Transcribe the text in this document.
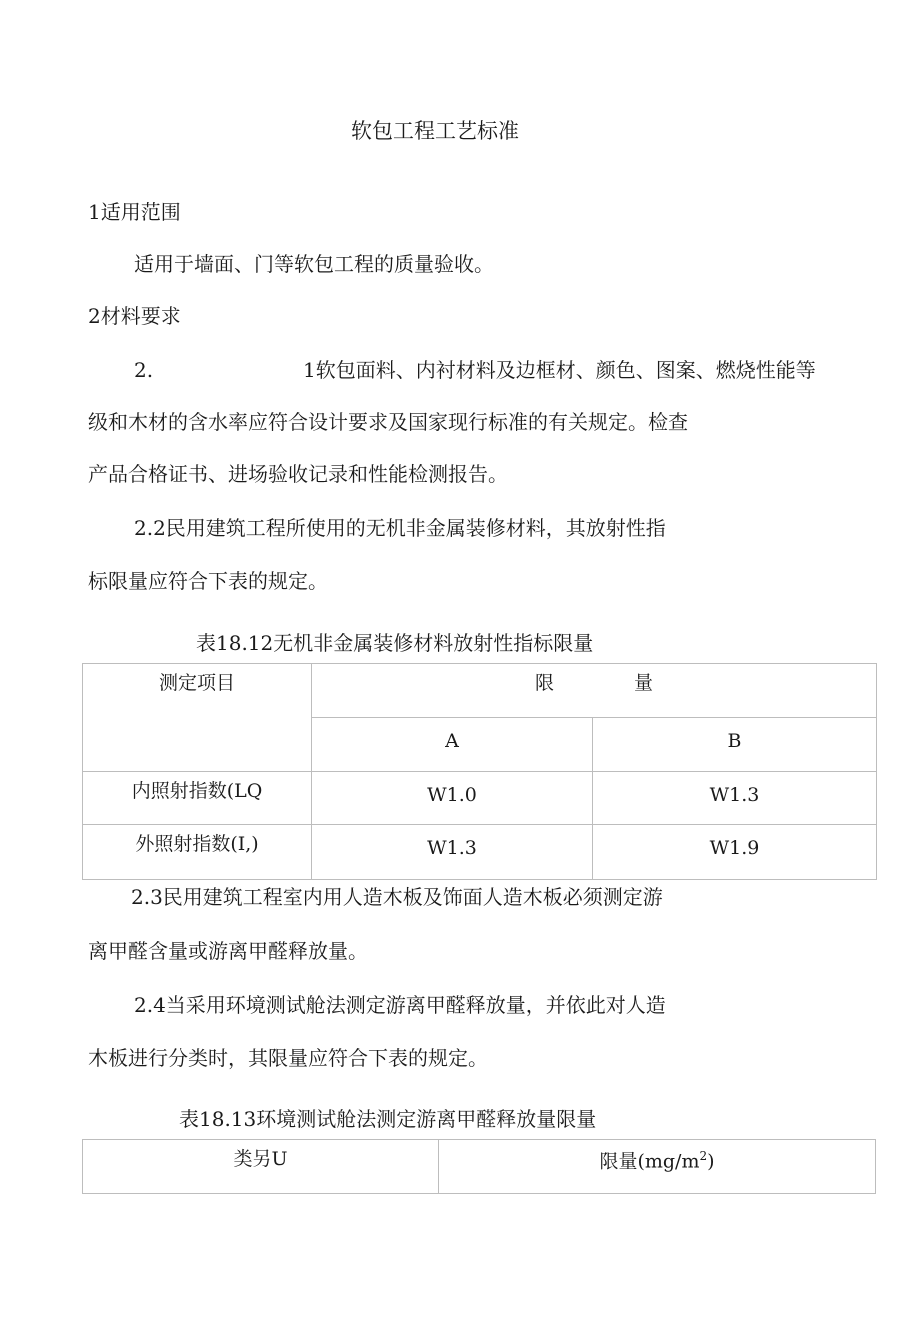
软包工程工艺标准
1适用范围
适用于墙面、门等软包工程的质量验收。
2材料要求
2.	1软包面料、内衬材料及边框材、颜色、图案、燃烧性能等
级和木材的含水率应符合设计要求及国家现行标准的有关规定。检查
产品合格证书、进场验收记录和性能检测报告。
2.2民用建筑工程所使用的无机非金属装修材料，其放射性指
标限量应符合下表的规定。
表18.12无机非金属装修材料放射性指标限量
测定项目	限 量	
	A	B
内照射指数(LQ	W1.0	W1.3
外照射指数(I,)	W1.3	W1.9
2.3民用建筑工程室内用人造木板及饰面人造木板必须测定游
离甲醛含量或游离甲醛释放量。
2.4当采用环境测试舱法测定游离甲醛释放量，并依此对人造
木板进行分类时，其限量应符合下表的规定。
表18.13环境测试舱法测定游离甲醛释放量限量
类另U	限量$(mg/m^2)$
